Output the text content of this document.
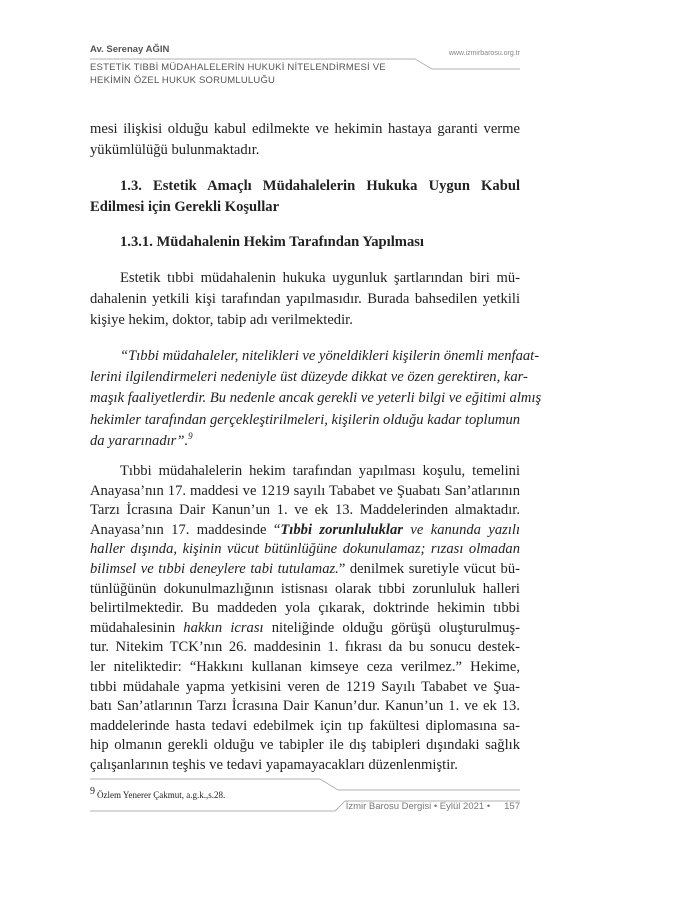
Av. Serenay AĞIN	www.izmirbarosu.org.tr
ESTETİK TIBBİ MÜDAHALELERİN HUKUKİ NİTELENDİRMESİ VE
HEKİMİN ÖZEL HUKUK SORUMLULUĞU
mesi ilişkisi olduğu kabul edilmekte ve hekimin hastaya garanti verme
yükümlülüğü bulunmaktadır.
1.3. Estetik Amaçlı Müdahalelerin Hukuka Uygun Kabul
Edilmesi için Gerekli Koşullar
1.3.1. Müdahalenin Hekim Tarafından Yapılması
Estetik tıbbi müdahalenin hukuka uygunluk şartlarından biri mü-
dahalenin yetkili kişi tarafından yapılmasıdır. Burada bahsedilen yetkili
kişiye hekim, doktor, tabip adı verilmektedir.
“Tıbbi müdahaleler, nitelikleri ve yöneldikleri kişilerin önemli menfaat-
lerini ilgilendirmeleri nedeniyle üst düzeyde dikkat ve özen gerektiren, kar-
maşık faaliyetlerdir. Bu nedenle ancak gerekli ve yeterli bilgi ve eğitimi almış
hekimler tarafından gerçekleştirilmeleri, kişilerin olduğu kadar toplumun
da yararınadır”.$^9$
Tıbbi müdahalelerin hekim tarafından yapılması koşulu, temelini
Anayasa’nın 17. maddesi ve 1219 sayılı Tababet ve Şuabatı San’atlarının
Tarzı İcrasına Dair Kanun’un 1. ve ek 13. Maddelerinden almaktadır.
Anayasa’nın 17. maddesinde “Tıbbi zorunluluklar ve kanunda yazılı
haller dışında, kişinin vücut bütünlüğüne dokunulamaz; rızası olmadan
bilimsel ve tıbbi deneylere tabi tutulamaz.” denilmek suretiyle vücut bü-
tünlüğünün dokunulmazlığının istisnası olarak tıbbi zorunluluk halleri
belirtilmektedir. Bu maddeden yola çıkarak, doktrinde hekimin tıbbi
müdahalesinin hakkın icrası niteliğinde olduğu görüşü oluşturulmuş-
tur. Nitekim TCK’nın 26. maddesinin 1. fıkrası da bu sonucu destek-
ler niteliktedir: “Hakkını kullanan kimseye ceza verilmez.” Hekime,
tıbbi müdahale yapma yetkisini veren de 1219 Sayılı Tababet ve Şua-
batı San’atlarının Tarzı İcrasına Dair Kanun’dur. Kanun’un 1. ve ek 13.
maddelerinde hasta tedavi edebilmek için tıp fakültesi diplomasına sa-
hip olmanın gerekli olduğu ve tabipler ile dış tabipleri dışındaki sağlık
çalışanlarının teşhis ve tedavi yapamayacakları düzenlenmiştir.
$^9$ Özlem Yenerer Çakmut, a.g.k.,s.28.
İzmir Barosu Dergisi • Eylül 2021 • 157
